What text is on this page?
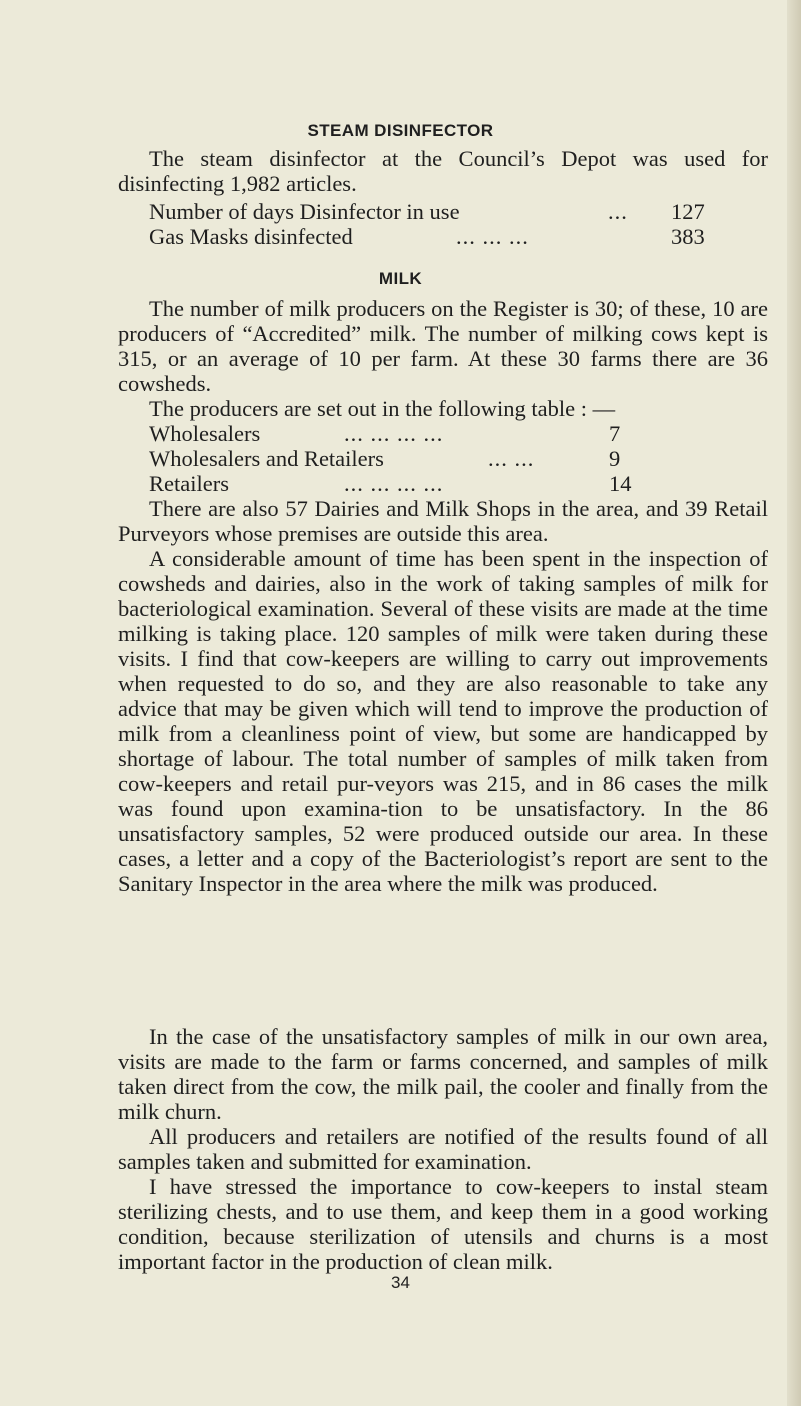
STEAM DISINFECTOR

The steam disinfector at the Council’s Depot was used for disinfecting 1,982 articles.

Number of days Disinfector in use	... 127
Gas Masks disinfected	... ... ...	383
MILK

The number of milk producers on the Register is 30; of these, 10 are producers of “Accredited” milk. The number of milking cows kept is 315, or an average of 10 per farm. At these 30 farms there are 36 cowsheds.

The producers are set out in the following table : —

Wholesalers	... ... ... ...	7
Wholesalers and Retailers	... ...	9
Retailers	... ... ... ...	14

There are also 57 Dairies and Milk Shops in the area, and 39 Retail Purveyors whose premises are outside this area.

A considerable amount of time has been spent in the inspection of cowsheds and dairies, also in the work of taking samples of milk for bacteriological examination. Several of these visits are made at the time milking is taking place. 120 samples of milk were taken during these visits. I find that cow-keepers are willing to carry out improvements when requested to do so, and they are also reasonable to take any advice that may be given which will tend to improve the production of milk from a cleanliness point of view, but some are handicapped by shortage of labour. The total number of samples of milk taken from cow-keepers and retail pur-veyors was 215, and in 86 cases the milk was found upon examina-tion to be unsatisfactory. In the 86 unsatisfactory samples, 52 were produced outside our area. In these cases, a letter and a copy of the Bacteriologist’s report are sent to the Sanitary Inspector in the area where the milk was produced.

In the case of the unsatisfactory samples of milk in our own area, visits are made to the farm or farms concerned, and samples of milk taken direct from the cow, the milk pail, the cooler and finally from the milk churn.

All producers and retailers are notified of the results found of all samples taken and submitted for examination.

I have stressed the importance to cow-keepers to instal steam sterilizing chests, and to use them, and keep them in a good working condition, because sterilization of utensils and churns is a most important factor in the production of clean milk.

34
